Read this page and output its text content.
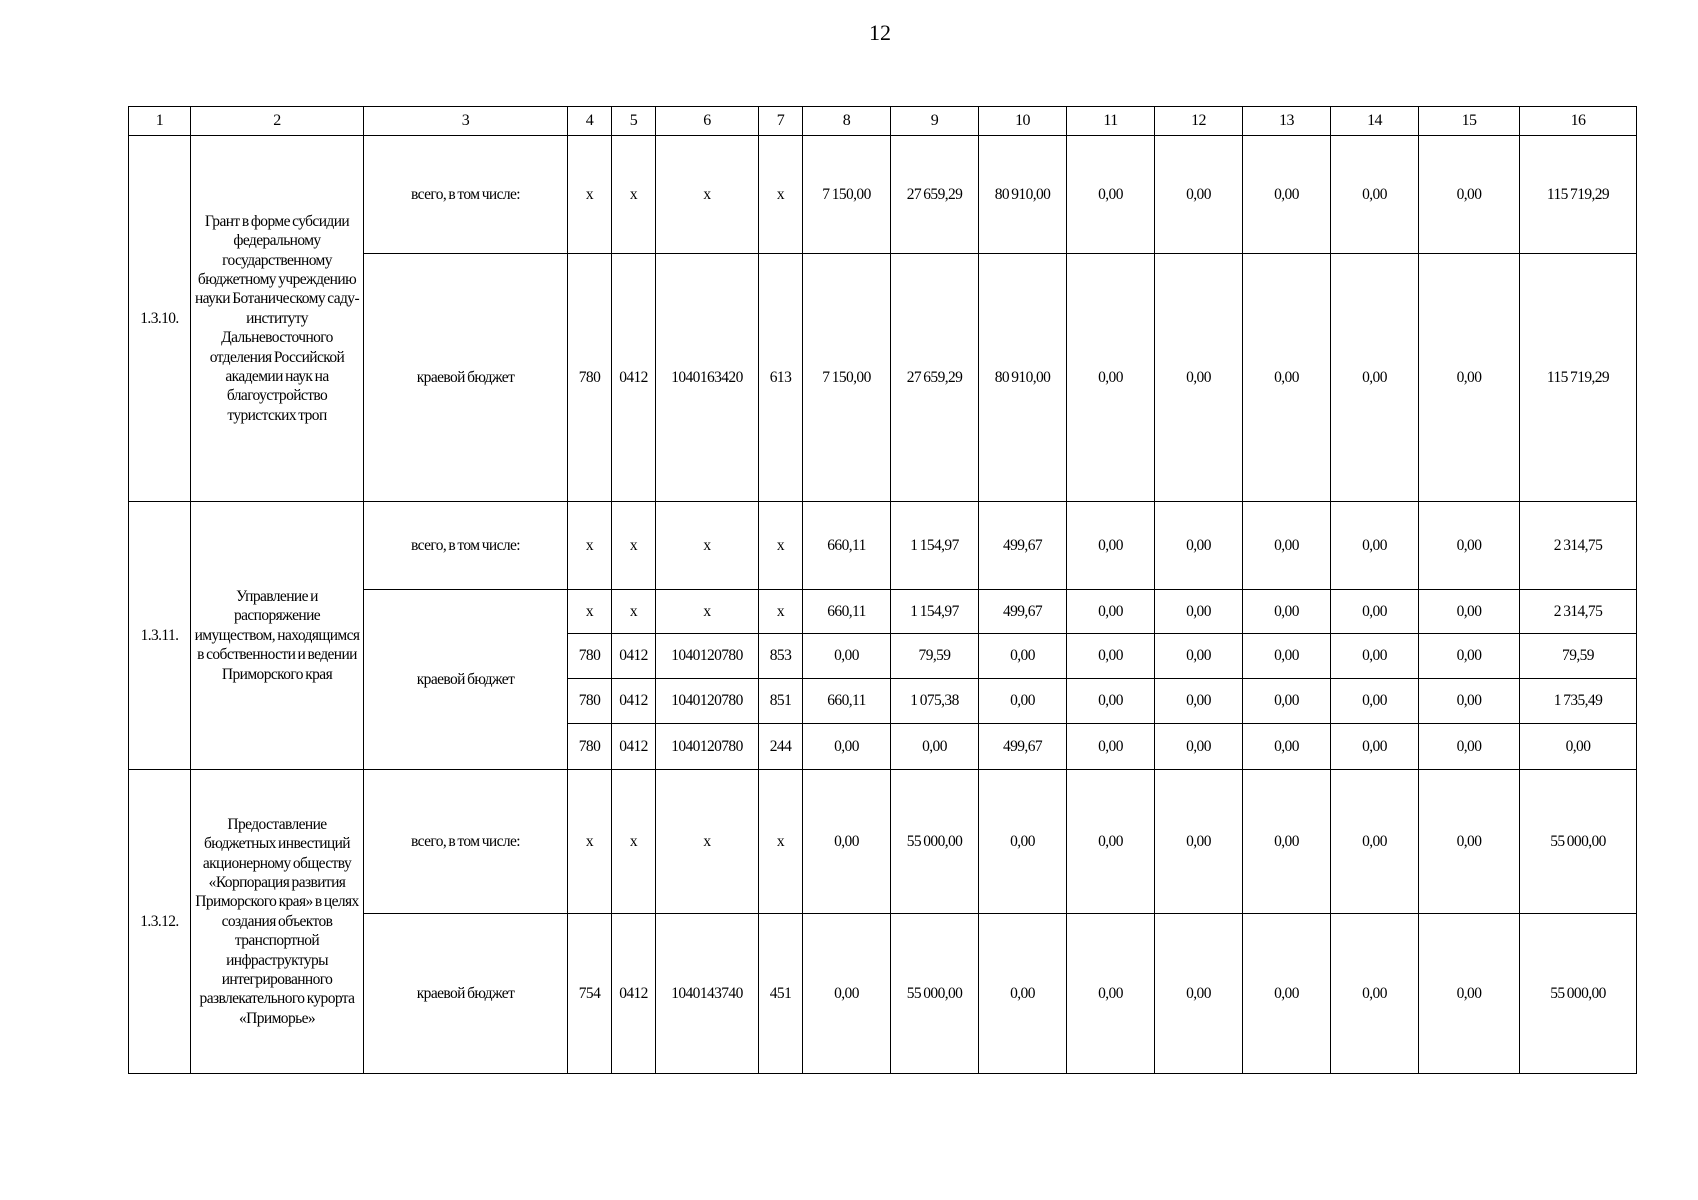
12
1	2	3	4	5	6	7	8	9	10	11	12	13	14	15	16
1.3.10.	Грант в форме субсидии федеральному государственному бюджетному учреждению науки Ботаническому саду-институту Дальневосточного отделения Российской академии наук на благоустройство туристских троп	всего, в том числе:	x	x	x	x	7 150,00	27 659,29	80 910,00	0,00	0,00	0,00	0,00	0,00	115 719,29
		краевой бюджет	780	0412	1040163420	613	7 150,00	27 659,29	80 910,00	0,00	0,00	0,00	0,00	0,00	115 719,29
1.3.11.	Управление и распоряжение имуществом, находящимся в собственности и ведении Приморского края	всего, в том числе:	x	x	x	x	660,11	1 154,97	499,67	0,00	0,00	0,00	0,00	0,00	2 314,75
		краевой бюджет	x	x	x	x	660,11	1 154,97	499,67	0,00	0,00	0,00	0,00	0,00	2 314,75
			780	0412	1040120780	853	0,00	79,59	0,00	0,00	0,00	0,00	0,00	0,00	79,59
			780	0412	1040120780	851	660,11	1 075,38	0,00	0,00	0,00	0,00	0,00	0,00	1 735,49
			780	0412	1040120780	244	0,00	0,00	499,67	0,00	0,00	0,00	0,00	0,00	0,00
1.3.12.	Предоставление бюджетных инвестиций акционерному обществу «Корпорация развития Приморского края» в целях создания объектов транспортной инфраструктуры интегрированного развлекательного курорта «Приморье»	всего, в том числе:	x	x	x	x	0,00	55 000,00	0,00	0,00	0,00	0,00	0,00	0,00	55 000,00
		краевой бюджет	754	0412	1040143740	451	0,00	55 000,00	0,00	0,00	0,00	0,00	0,00	0,00	55 000,00
